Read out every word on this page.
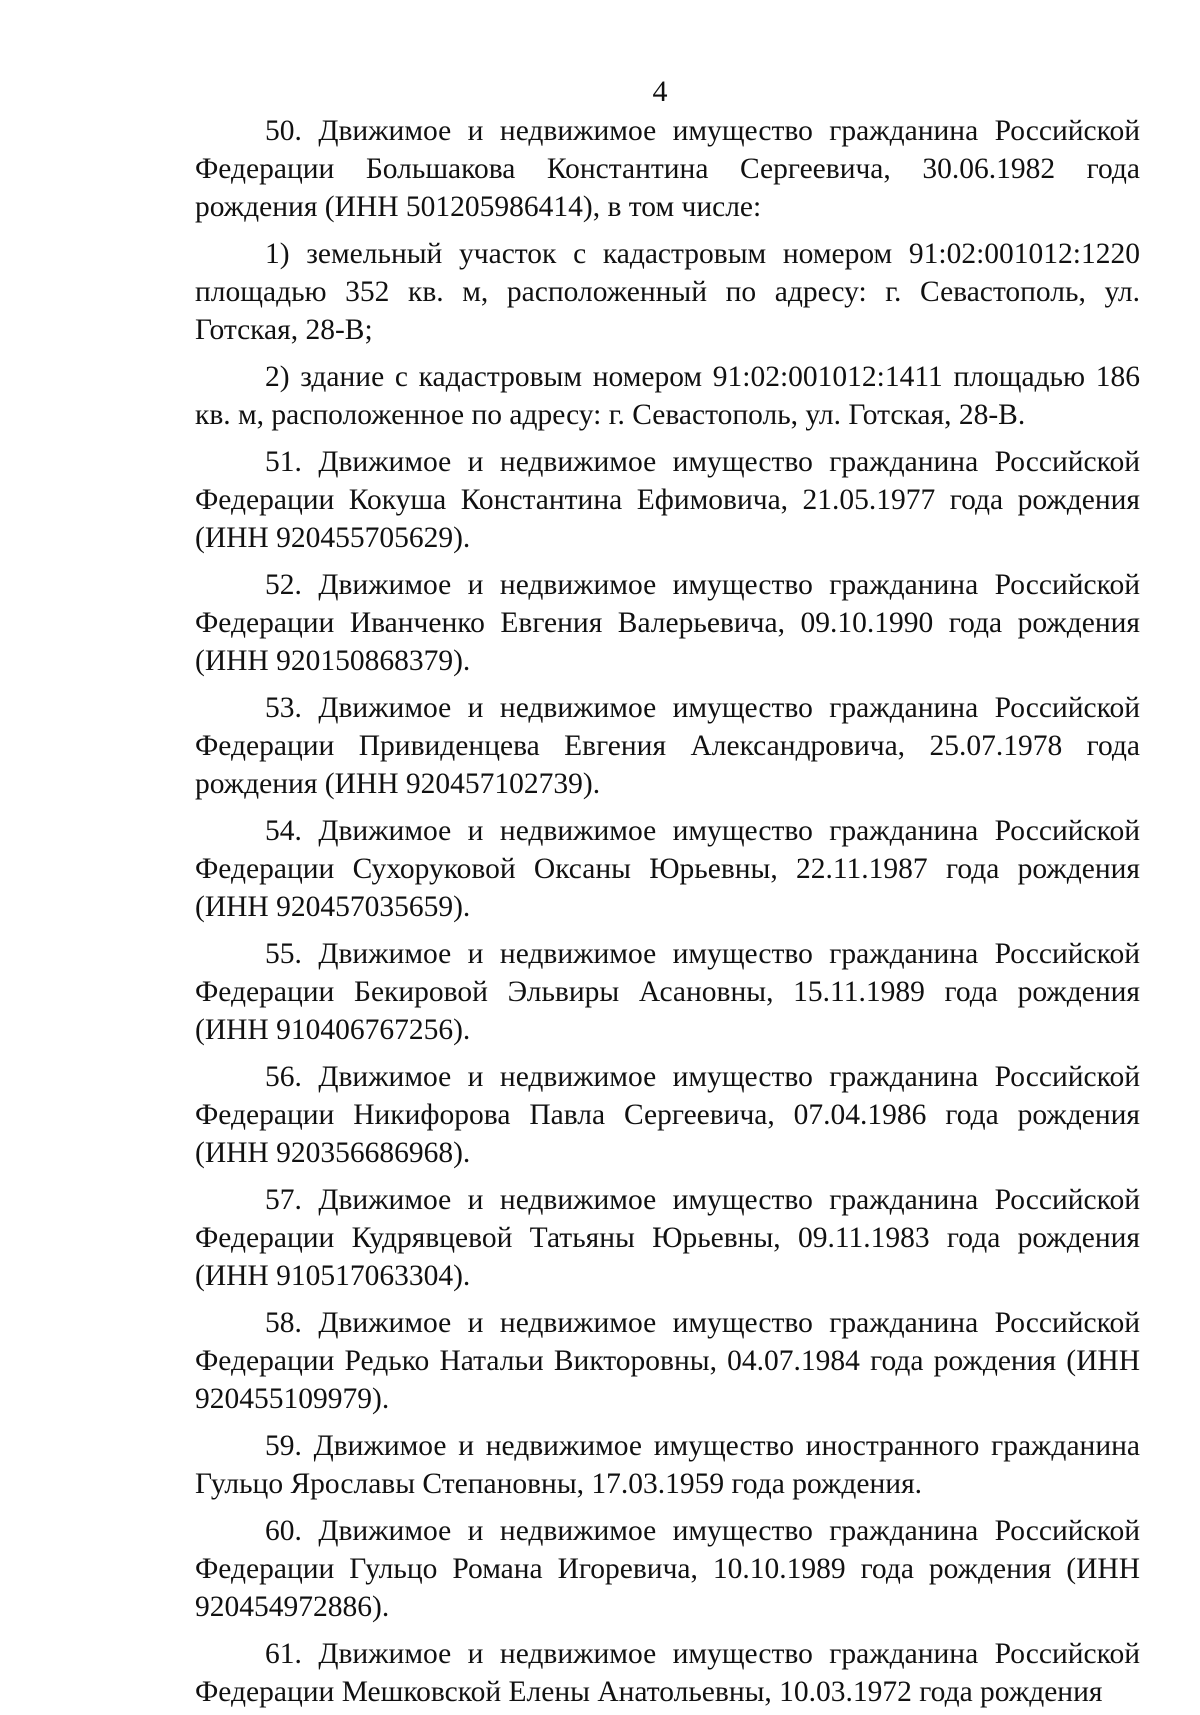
4

50. Движимое и недвижимое имущество гражданина Российской Федерации Большакова Константина Сергеевича, 30.06.1982 года рождения (ИНН 501205986414), в том числе:

1) земельный участок с кадастровым номером 91:02:001012:1220 площадью 352 кв. м, расположенный по адресу: г. Севастополь, ул. Готская, 28-В;

2) здание с кадастровым номером 91:02:001012:1411 площадью 186 кв. м, расположенное по адресу: г. Севастополь, ул. Готская, 28-В.

51. Движимое и недвижимое имущество гражданина Российской Федерации Кокуша Константина Ефимовича, 21.05.1977 года рождения (ИНН 920455705629).

52. Движимое и недвижимое имущество гражданина Российской Федерации Иванченко Евгения Валерьевича, 09.10.1990 года рождения (ИНН 920150868379).

53. Движимое и недвижимое имущество гражданина Российской Федерации Привиденцева Евгения Александровича, 25.07.1978 года рождения (ИНН 920457102739).

54. Движимое и недвижимое имущество гражданина Российской Федерации Сухоруковой Оксаны Юрьевны, 22.11.1987 года рождения (ИНН 920457035659).

55. Движимое и недвижимое имущество гражданина Российской Федерации Бекировой Эльвиры Асановны, 15.11.1989 года рождения (ИНН 910406767256).

56. Движимое и недвижимое имущество гражданина Российской Федерации Никифорова Павла Сергеевича, 07.04.1986 года рождения (ИНН 920356686968).

57. Движимое и недвижимое имущество гражданина Российской Федерации Кудрявцевой Татьяны Юрьевны, 09.11.1983 года рождения (ИНН 910517063304).

58. Движимое и недвижимое имущество гражданина Российской Федерации Редько Натальи Викторовны, 04.07.1984 года рождения (ИНН 920455109979).

59. Движимое и недвижимое имущество иностранного гражданина Гульцо Ярославы Степановны, 17.03.1959 года рождения.

60. Движимое и недвижимое имущество гражданина Российской Федерации Гульцо Романа Игоревича, 10.10.1989 года рождения (ИНН 920454972886).

61. Движимое и недвижимое имущество гражданина Российской Федерации Мешковской Елены Анатольевны, 10.03.1972 года рождения
